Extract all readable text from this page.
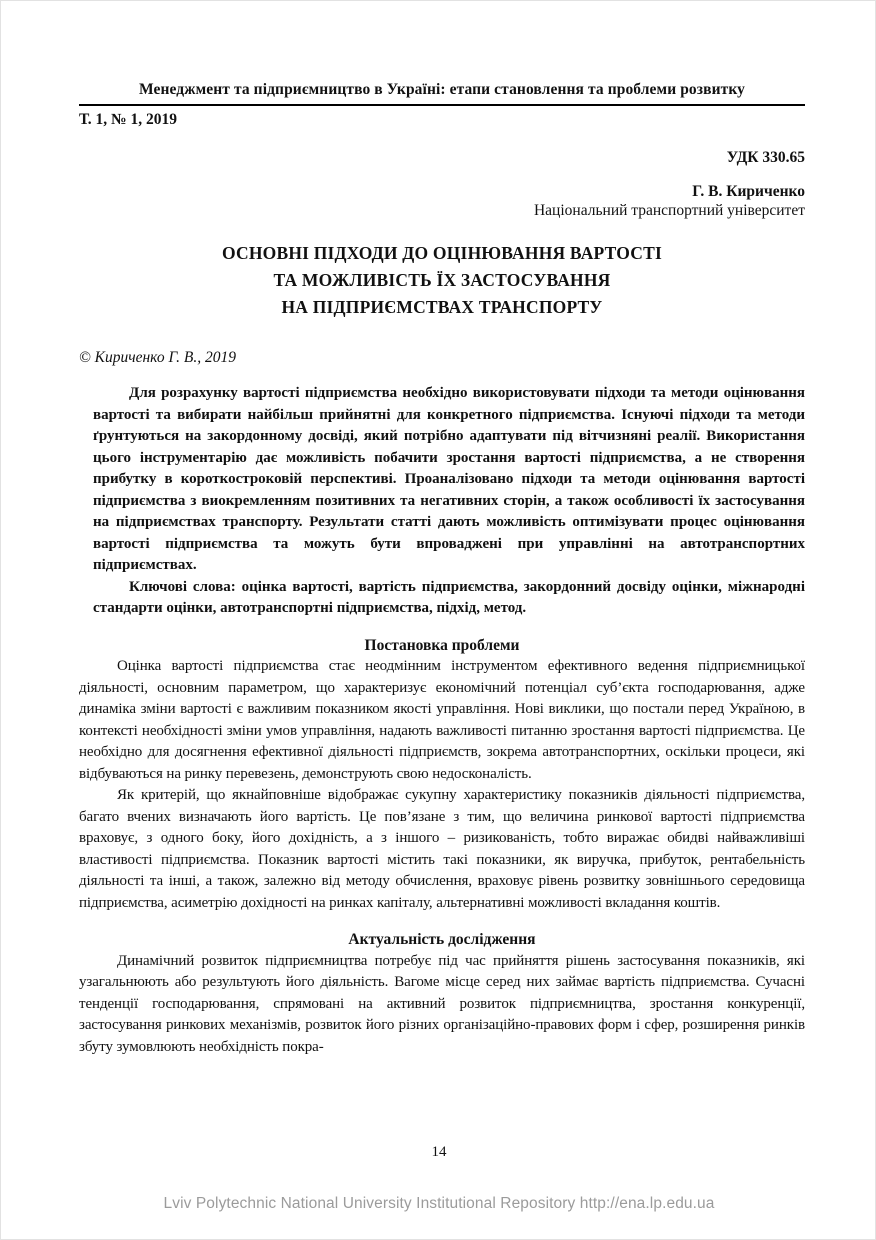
Менеджмент та підприємництво в Україні: етапи становлення та проблеми розвитку
Т. 1, № 1, 2019
УДК 330.65
Г. В. Кириченко
Національний транспортний університет
ОСНОВНІ ПІДХОДИ ДО ОЦІНЮВАННЯ ВАРТОСТІ
ТА МОЖЛИВІСТЬ ЇХ ЗАСТОСУВАННЯ
НА ПІДПРИЄМСТВАХ ТРАНСПОРТУ
© Кириченко Г. В., 2019

Для розрахунку вартості підприємства необхідно використовувати підходи та методи оцінювання вартості та вибирати найбільш прийнятні для конкретного підприємства. Існуючі підходи та методи ґрунтуються на закордонному досвіді, який потрібно адаптувати під вітчизняні реалії. Використання цього інструментарію дає можливість побачити зростання вартості підприємства, а не створення прибутку в короткостроковій перспективі. Проаналізовано підходи та методи оцінювання вартості підприємства з виокремленням позитивних та негативних сторін, а також особливості їх застосування на підприємствах транспорту. Результати статті дають можливість оптимізувати процес оцінювання вартості підприємства та можуть бути впроваджені при управлінні на автотранспортних підприємствах.

Ключові слова: оцінка вартості, вартість підприємства, закордонний досвіду оцінки, міжнародні стандарти оцінки, автотранспортні підприємства, підхід, метод.

Постановка проблеми

Оцінка вартості підприємства стає неодмінним інструментом ефективного ведення підприємницької діяльності, основним параметром, що характеризує економічний потенціал суб’єкта господарювання, адже динаміка зміни вартості є важливим показником якості управління. Нові виклики, що постали перед Україною, в контексті необхідності зміни умов управління, надають важливості питанню зростання вартості підприємства. Це необхідно для досягнення ефективної діяльності підприємств, зокрема автотранспортних, оскільки процеси, які відбуваються на ринку перевезень, демонструють свою недосконалість.

Як критерій, що якнайповніше відображає сукупну характеристику показників діяльності підприємства, багато вчених визначають його вартість. Це пов’язане з тим, що величина ринкової вартості підприємства враховує, з одного боку, його дохідність, а з іншого – ризикованість, тобто виражає обидві найважливіші властивості підприємства. Показник вартості містить такі показники, як виручка, прибуток, рентабельність діяльності та інші, а також, залежно від методу обчислення, враховує рівень розвитку зовнішнього середовища підприємства, асиметрію дохідності на ринках капіталу, альтернативні можливості вкладання коштів.

Актуальність дослідження

Динамічний розвиток підприємництва потребує під час прийняття рішень застосування показників, які узагальнюють або результують його діяльність. Вагоме місце серед них займає вартість підприємства. Сучасні тенденції господарювання, спрямовані на активний розвиток підприємництва, зростання конкуренції, застосування ринкових механізмів, розвиток його різних організаційно-правових форм і сфер, розширення ринків збуту зумовлюють необхідність покра-

14
Lviv Polytechnic National University Institutional Repository http://ena.lp.edu.ua
